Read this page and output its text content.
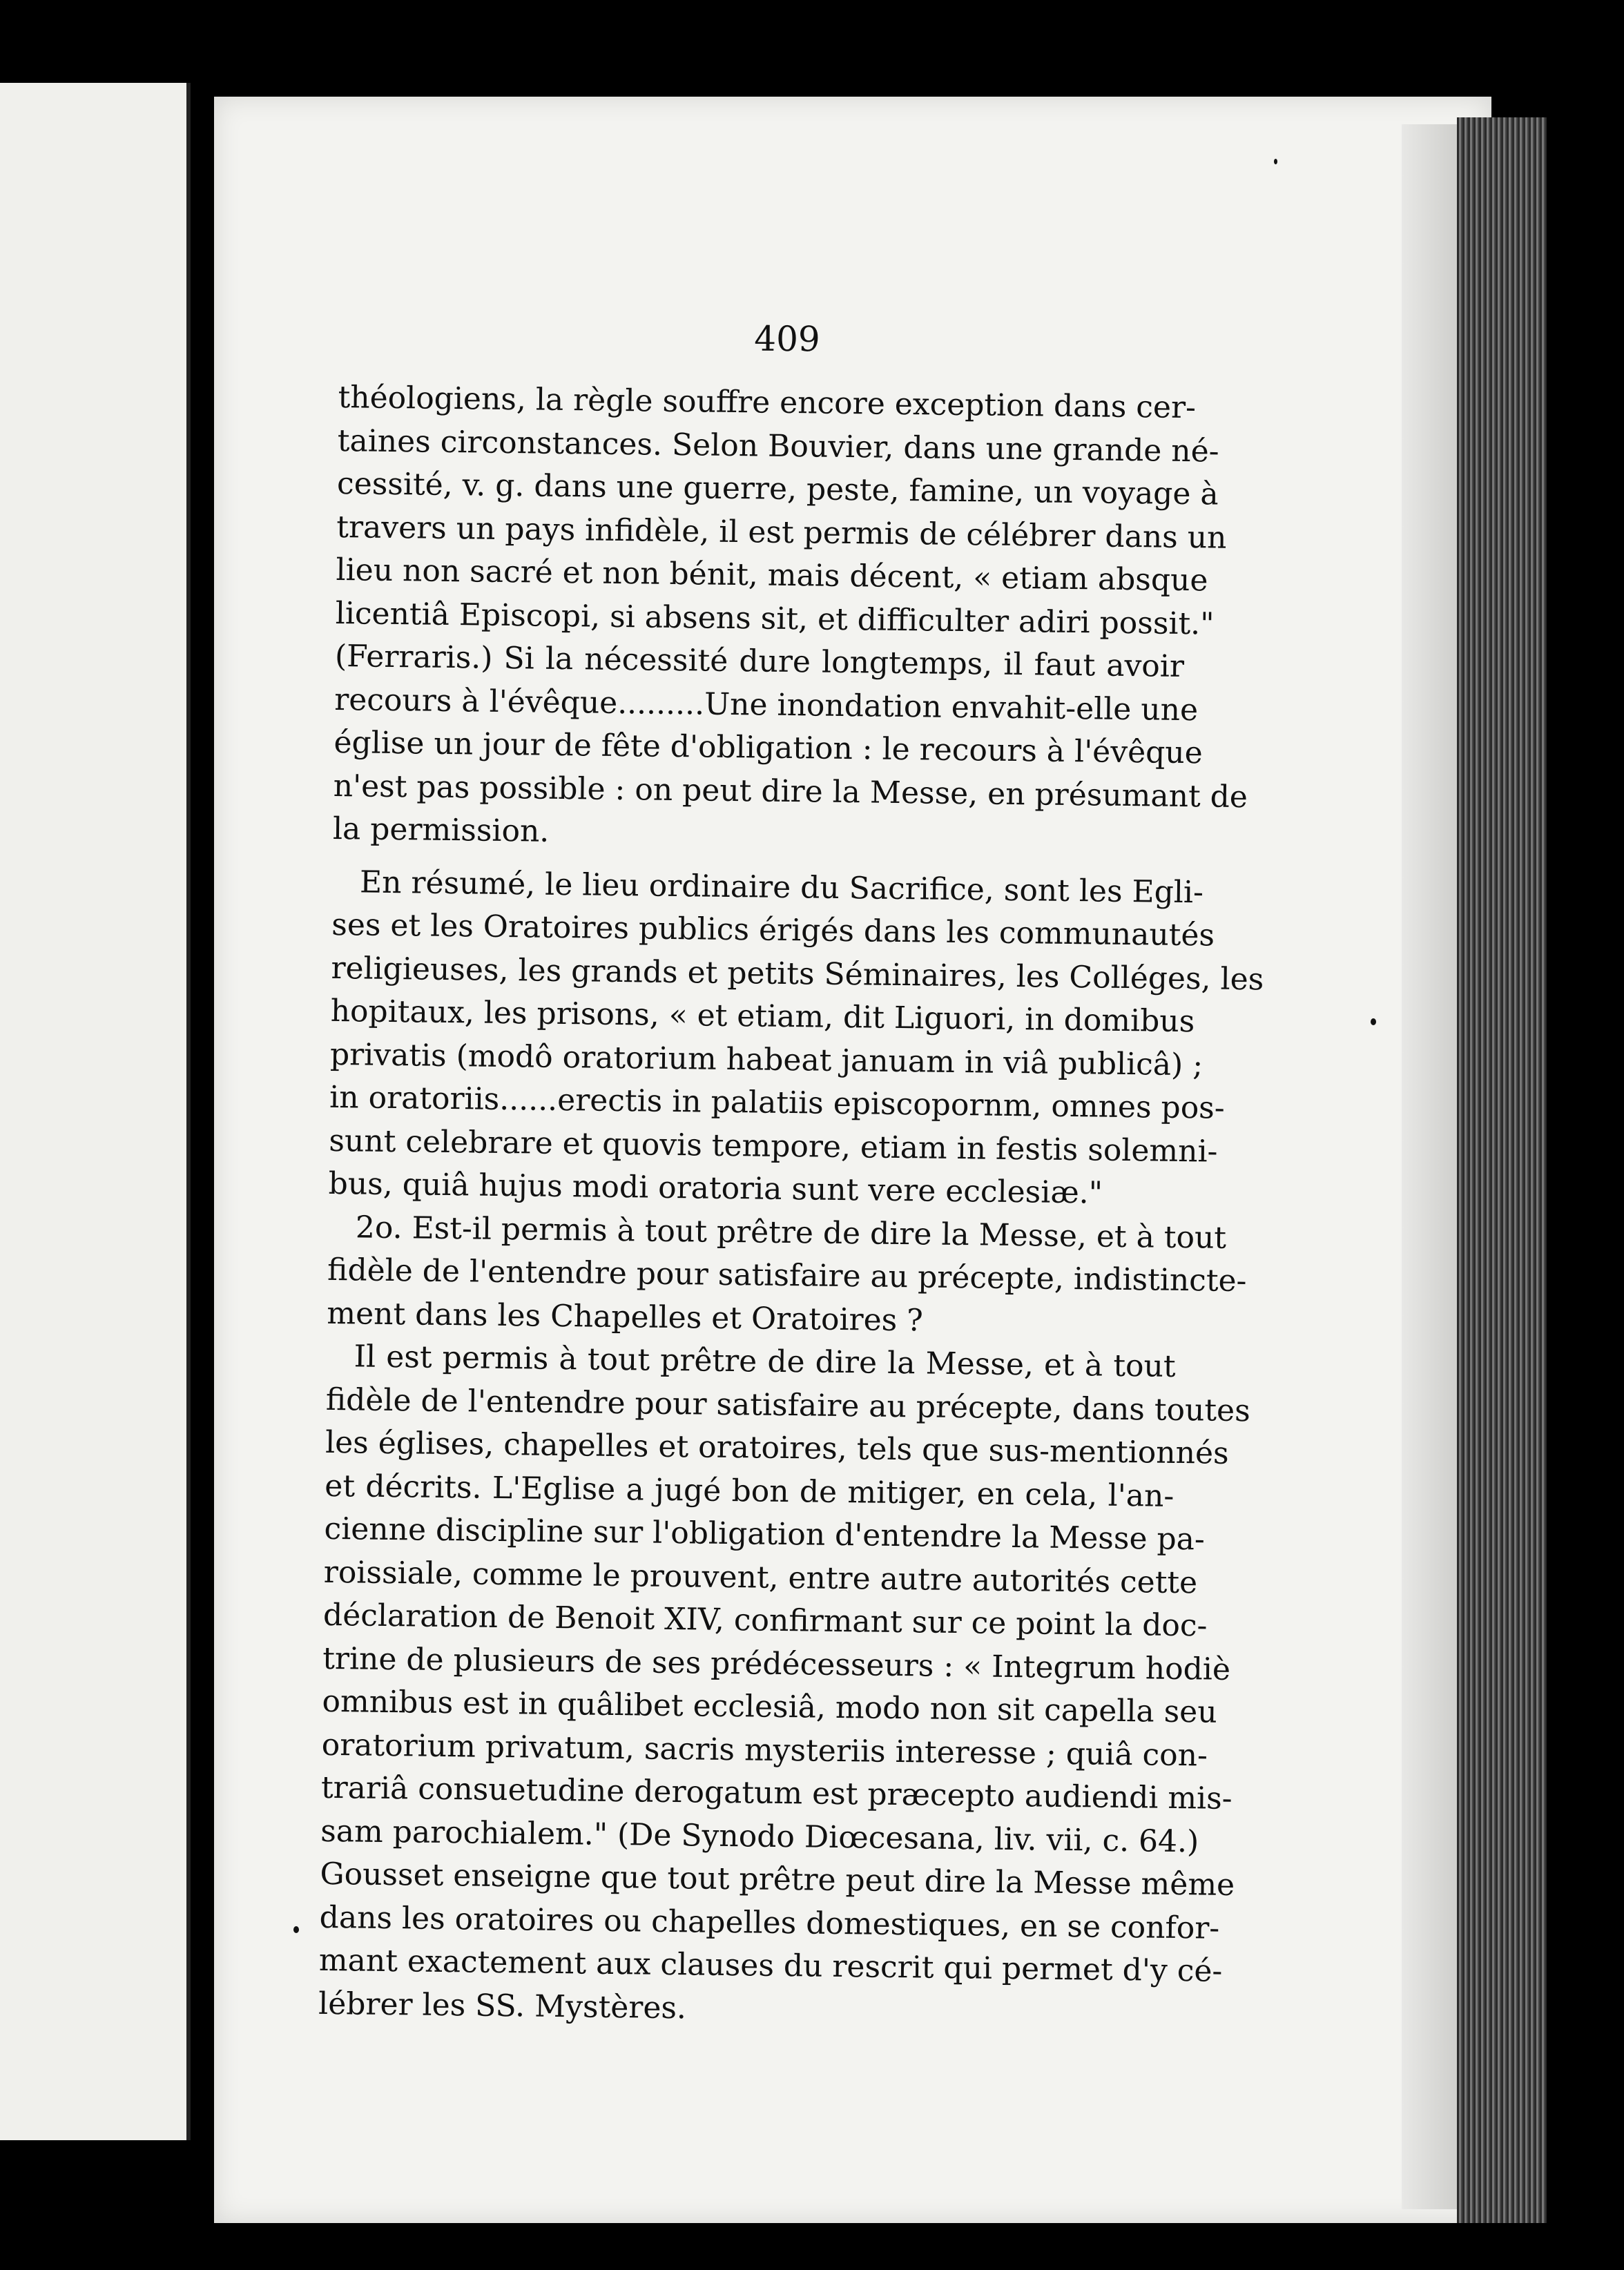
409
théologiens, la règle souffre encore exception dans cer-
taines circonstances. Selon Bouvier, dans une grande né-
cessité, v. g. dans une guerre, peste, famine, un voyage à
travers un pays infidèle, il est permis de célébrer dans un
lieu non sacré et non bénit, mais décent, « etiam absque
licentiâ Episcopi, si absens sit, et difficulter adiri possit."
(Ferraris.) Si la nécessité dure longtemps, il faut avoir
recours à l'évêque.........Une inondation envahit-elle une
église un jour de fête d'obligation : le recours à l'évêque
n'est pas possible : on peut dire la Messe, en présumant de
la permission.
En résumé, le lieu ordinaire du Sacrifice, sont les Egli-
ses et les Oratoires publics érigés dans les communautés
religieuses, les grands et petits Séminaires, les Colléges, les
hopitaux, les prisons, « et etiam, dit Liguori, in domibus
privatis (modô oratorium habeat januam in viâ publicâ) ;
in oratoriis......erectis in palatiis episcopornm, omnes pos-
sunt celebrare et quovis tempore, etiam in festis solemni-
bus, quiâ hujus modi oratoria sunt vere ecclesiæ."
2o. Est-il permis à tout prêtre de dire la Messe, et à tout
fidèle de l'entendre pour satisfaire au précepte, indistincte-
ment dans les Chapelles et Oratoires ?
Il est permis à tout prêtre de dire la Messe, et à tout
fidèle de l'entendre pour satisfaire au précepte, dans toutes
les églises, chapelles et oratoires, tels que sus-mentionnés
et décrits. L'Eglise a jugé bon de mitiger, en cela, l'an-
cienne discipline sur l'obligation d'entendre la Messe pa-
roissiale, comme le prouvent, entre autre autorités cette
déclaration de Benoit XIV, confirmant sur ce point la doc-
trine de plusieurs de ses prédécesseurs : « Integrum hodiè
omnibus est in quâlibet ecclesiâ, modo non sit capella seu
oratorium privatum, sacris mysteriis interesse ; quiâ con-
trariâ consuetudine derogatum est præcepto audiendi mis-
sam parochialem." (De Synodo Diœcesana, liv. vii, c. 64.)
Gousset enseigne que tout prêtre peut dire la Messe même
dans les oratoires ou chapelles domestiques, en se confor-
mant exactement aux clauses du rescrit qui permet d'y cé-
lébrer les SS. Mystères.
